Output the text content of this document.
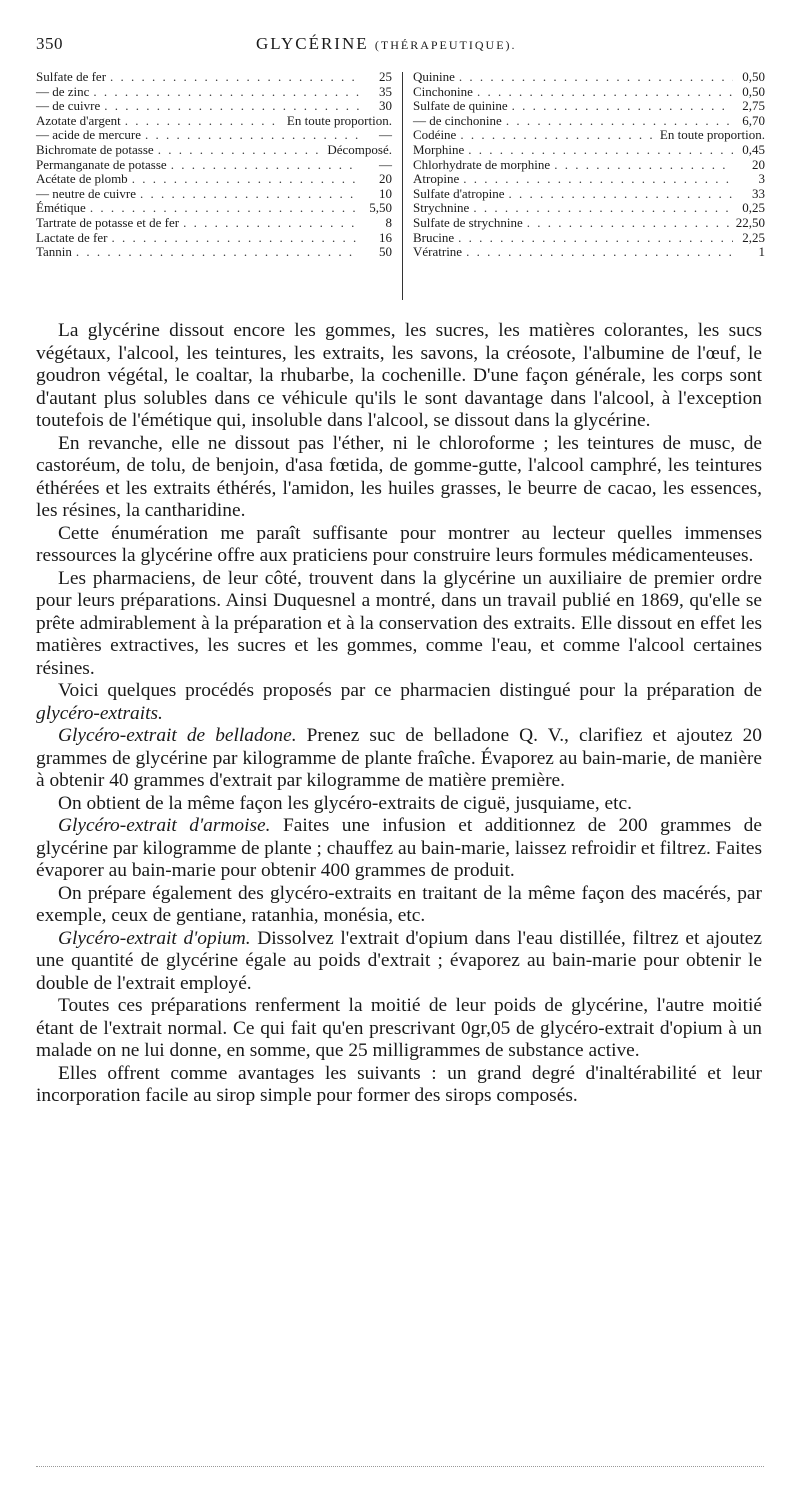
350	GLYCÉRINE (THÉRAPEUTIQUE).
Sulfate de fer . . .	25
— de zinc . . .	35
— de cuivre . . .	30
Azotate d'argent . . .	En toute proportion.
— acide de mercure . . .	—
Bichromate de potasse . . .	Décomposé.
Permanganate de potasse . . .	—
Acétate de plomb . . .	20
— neutre de cuivre . . .	10
Émétique . . .	5,50
Tartrate de potasse et de fer . . .	8
Lactate de fer . . .	16
Tannin . . .	50
Quinine . . .	0,50
Cinchonine . . .	0,50
Sulfate de quinine . . .	2,75
— de cinchonine . . .	6,70
Codéine . . .	En toute proportion.
Morphine . . .	0,45
Chlorhydrate de morphine . . .	20
Atropine . . .	3
Sulfate d'atropine . . .	33
Strychnine . . .	0,25
Sulfate de strychnine . . .	22,50
Brucine . . .	2,25
Vératrine . . .	1

La glycérine dissout encore les gommes, les sucres, les matières colorantes, les sucs végétaux, l'alcool, les teintures, les extraits, les savons, la créosote, l'albumine de l'œuf, le goudron végétal, le coaltar, la rhubarbe, la cochenille. D'une façon générale, les corps sont d'autant plus solubles dans ce véhicule qu'ils le sont davantage dans l'alcool, à l'exception toutefois de l'émétique qui, insoluble dans l'alcool, se dissout dans la glycérine.

En revanche, elle ne dissout pas l'éther, ni le chloroforme ; les teintures de musc, de castoréum, de tolu, de benjoin, d'asa fœtida, de gomme-gutte, l'alcool camphré, les teintures éthérées et les extraits éthérés, l'amidon, les huiles grasses, le beurre de cacao, les essences, les résines, la cantharidine.

Cette énumération me paraît suffisante pour montrer au lecteur quelles immenses ressources la glycérine offre aux praticiens pour construire leurs formules médicamenteuses.

Les pharmaciens, de leur côté, trouvent dans la glycérine un auxiliaire de premier ordre pour leurs préparations. Ainsi Duquesnel a montré, dans un travail publié en 1869, qu'elle se prête admirablement à la préparation et à la conservation des extraits. Elle dissout en effet les matières extractives, les sucres et les gommes, comme l'eau, et comme l'alcool certaines résines.

Voici quelques procédés proposés par ce pharmacien distingué pour la préparation de glycéro-extraits.

Glycéro-extrait de belladone. Prenez suc de belladone Q. V., clarifiez et ajoutez 20 grammes de glycérine par kilogramme de plante fraîche. Évaporez au bain-marie, de manière à obtenir 40 grammes d'extrait par kilogramme de matière première.

On obtient de la même façon les glycéro-extraits de ciguë, jusquiame, etc.

Glycéro-extrait d'armoise. Faites une infusion et additionnez de 200 grammes de glycérine par kilogramme de plante ; chauffez au bain-marie, laissez refroidir et filtrez. Faites évaporer au bain-marie pour obtenir 400 grammes de produit.

On prépare également des glycéro-extraits en traitant de la même façon des macérés, par exemple, ceux de gentiane, ratanhia, monésia, etc.

Glycéro-extrait d'opium. Dissolvez l'extrait d'opium dans l'eau distillée, filtrez et ajoutez une quantité de glycérine égale au poids d'extrait ; évaporez au bain-marie pour obtenir le double de l'extrait employé.

Toutes ces préparations renferment la moitié de leur poids de glycérine, l'autre moitié étant de l'extrait normal. Ce qui fait qu'en prescrivant 0gr,05 de glycéro-extrait d'opium à un malade on ne lui donne, en somme, que 25 milligrammes de substance active.

Elles offrent comme avantages les suivants : un grand degré d'inaltérabilité et leur incorporation facile au sirop simple pour former des sirops composés.
